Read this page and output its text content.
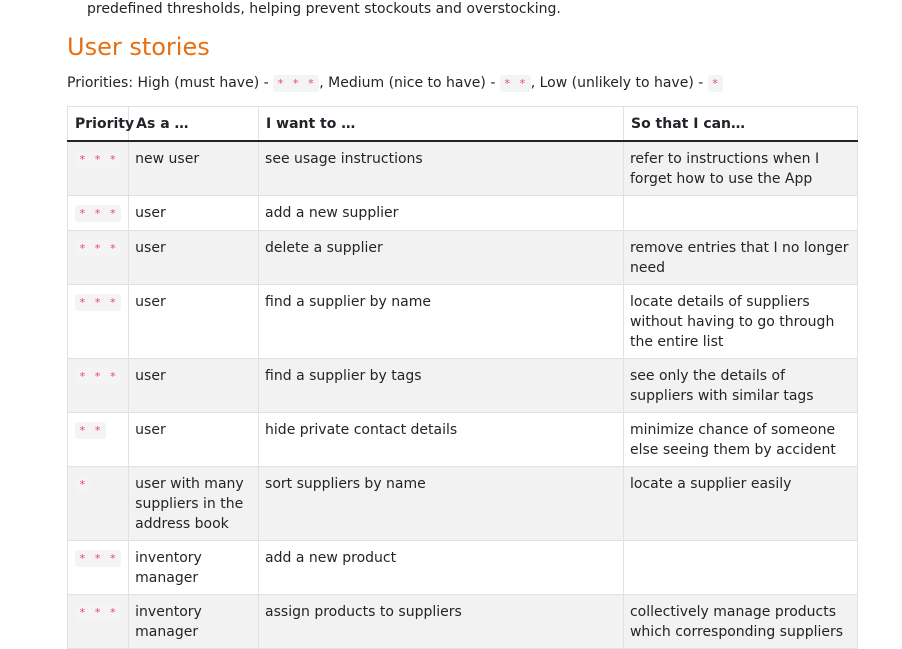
predefined thresholds, helping prevent stockouts and overstocking.

User stories

Priorities: High (must have) - * * * , Medium (nice to have) - * * , Low (unlikely to have) - *

Priority	As a …	I want to …	So that I can…
* * *	new user	see usage instructions	refer to instructions when I forget how to use the App
* * *	user	add a new supplier	
* * *	user	delete a supplier	remove entries that I no longer need
* * *	user	find a supplier by name	locate details of suppliers without having to go through the entire list
* * *	user	find a supplier by tags	see only the details of suppliers with similar tags
* *	user	hide private contact details	minimize chance of someone else seeing them by accident
*	user with many suppliers in the address book	sort suppliers by name	locate a supplier easily
* * *	inventory manager	add a new product	
* * *	inventory manager	assign products to suppliers	collectively manage products which corresponding suppliers
